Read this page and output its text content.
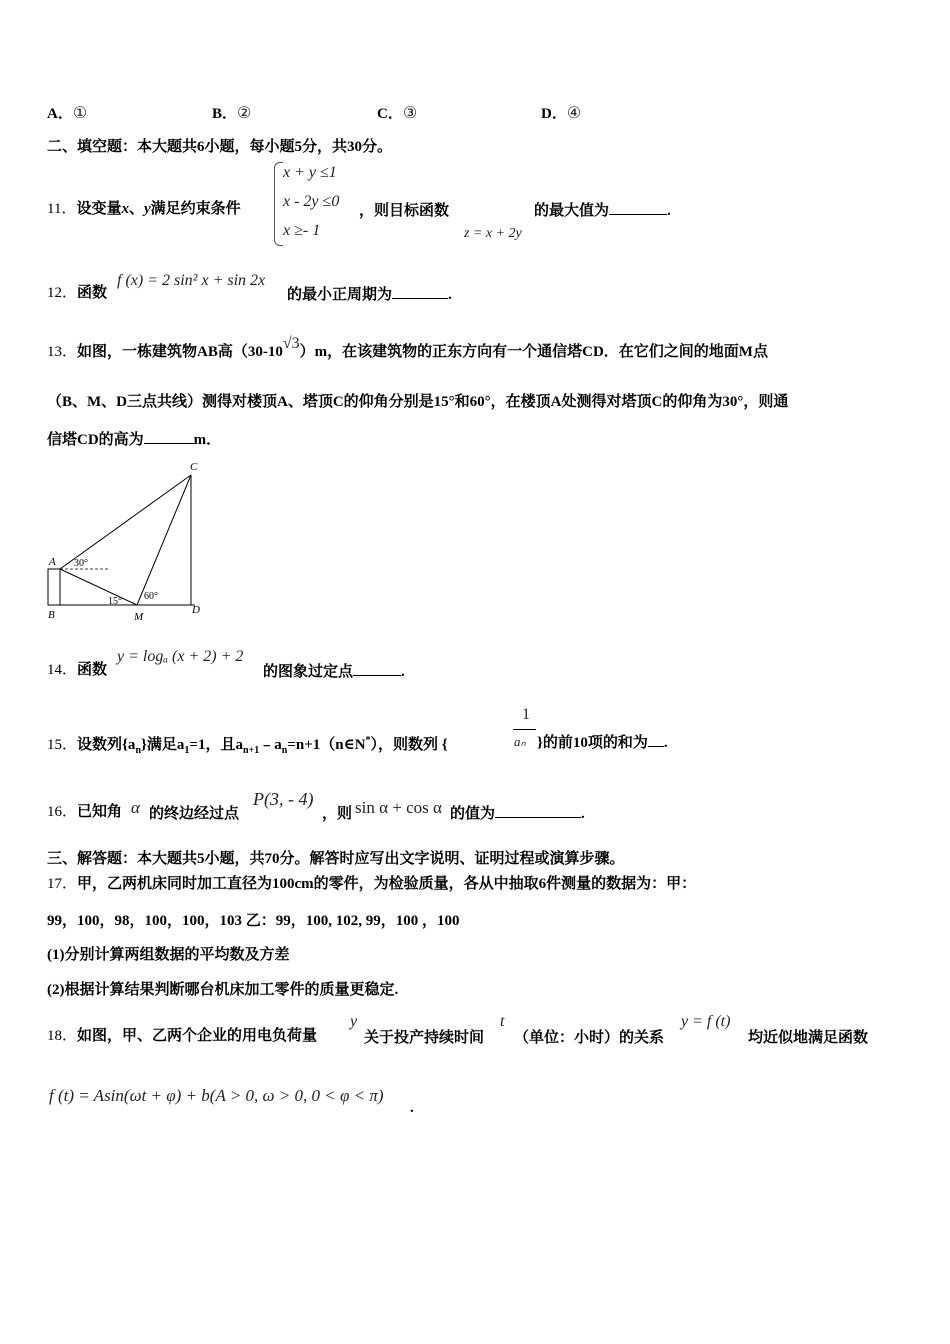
A．①	B．②	C．③	D．④
二、填空题：本大题共6小题，每小题5分，共30分。
11．设变量x、y满足约束条件
x + y ≤1
x - 2y ≤0
x ≥- 1
，则目标函数
z = x + 2y
的最大值为	.
12．函数
f (x) = 2 sin² x + sin 2x
的最小正周期为	.
13．如图，一栋建筑物AB高（30-10√3）m，在该建筑物的正东方向有一个通信塔CD．在它们之间的地面M点
（B、M、D三点共线）测得对楼顶A、塔顶C的仰角分别是15°和60°，在楼顶A处测得对塔顶C的仰角为30°，则通
信塔CD的高为	m．
C
A
B	M
D
30°
15° 60°
14．函数
y = logₐ (x + 2) + 2
的图象过定点	.
15．设数列$\{a_n\}$满足$a_1=1$，且$a_{n+1}﹣a_n=n+1(n\in N^*)$，则数列 {
1
aₙ }的前10项的和为 .
16．已知角 α 的终边经过点
P(3, - 4)
，则 sin α + cos α 的值为	.
三、解答题：本大题共5小题，共70分。解答时应写出文字说明、证明过程或演算步骤。
17．甲，乙两机床同时加工直径为100cm的零件，为检验质量，各从中抽取6件测量的数据为：甲：
99，100，98，100，100，103 乙：99，100, 102, 99，100 ，100
(1)分别计算两组数据的平均数及方差
(2)根据计算结果判断哪台机床加工零件的质量更稳定.
18．如图，甲、乙两个企业的用电负荷量
y
关于投产持续时间
t
（单位：小时）的关系
y = f (t)
均近似地满足函数
f (t) = Asin(ωt + φ) + b(A > 0, ω > 0, 0 < φ < π)
.
